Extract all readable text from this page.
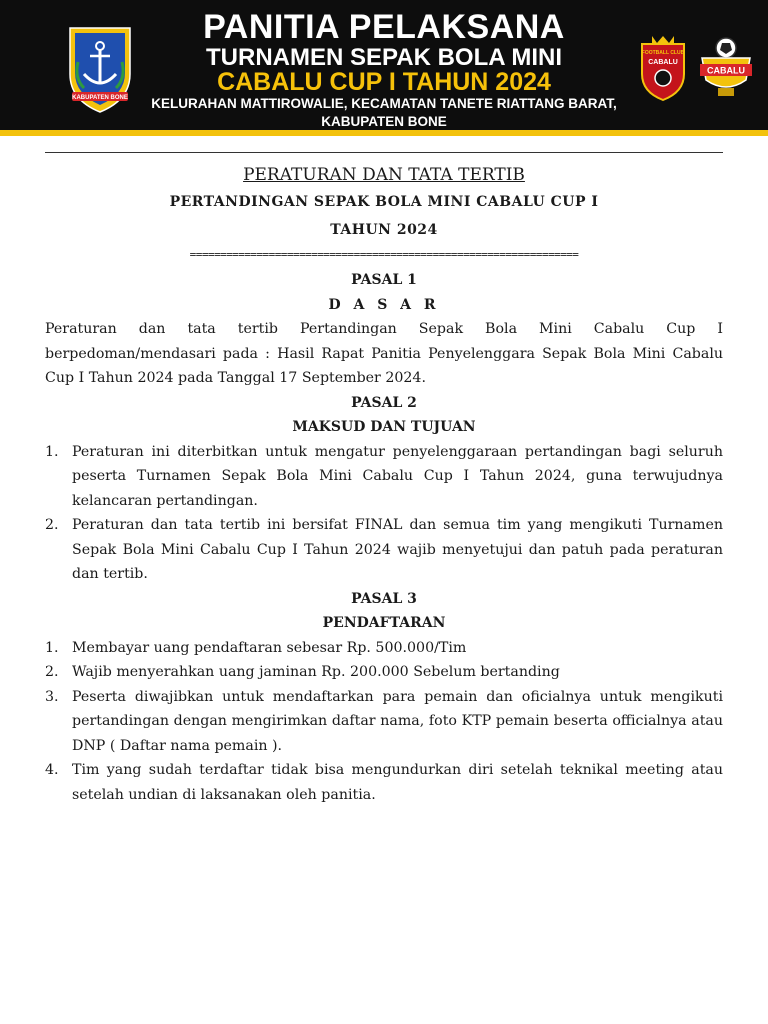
KABUPATEN BONE
PANITIA PELAKSANA
TURNAMEN SEPAK BOLA MINI
CABALU CUP I TAHUN 2024
KELURAHAN MATTIROWALIE, KECAMATAN TANETE RIATTANG BARAT,
KABUPATEN BONE
FOOTBALL CLUB
CABALU
CABALU
PERATURAN DAN TATA TERTIB
PERTANDINGAN SEPAK BOLA MINI CABALU CUP I
TAHUN 2024
================================================================
PASAL 1
D A S A R
Peraturan dan tata tertib Pertandingan Sepak Bola Mini Cabalu Cup I berpedoman/mendasari pada : Hasil Rapat Panitia Penyelenggara Sepak Bola Mini Cabalu Cup I Tahun 2024 pada Tanggal 17 September 2024.
PASAL 2
MAKSUD DAN TUJUAN
1. Peraturan ini diterbitkan untuk mengatur penyelenggaraan pertandingan bagi seluruh peserta Turnamen Sepak Bola Mini Cabalu Cup I Tahun 2024, guna terwujudnya kelancaran pertandingan.
2. Peraturan dan tata tertib ini bersifat FINAL dan semua tim yang mengikuti Turnamen Sepak Bola Mini Cabalu Cup I Tahun 2024 wajib menyetujui dan patuh pada peraturan dan tertib.
PASAL 3
PENDAFTARAN
1. Membayar uang pendaftaran sebesar Rp. 500.000/Tim
2. Wajib menyerahkan uang jaminan Rp. 200.000 Sebelum bertanding
3. Peserta diwajibkan untuk mendaftarkan para pemain dan oficialnya untuk mengikuti pertandingan dengan mengirimkan daftar nama, foto KTP pemain beserta officialnya atau DNP ( Daftar nama pemain ).
4. Tim yang sudah terdaftar tidak bisa mengundurkan diri setelah teknikal meeting atau setelah undian di laksanakan oleh panitia.
